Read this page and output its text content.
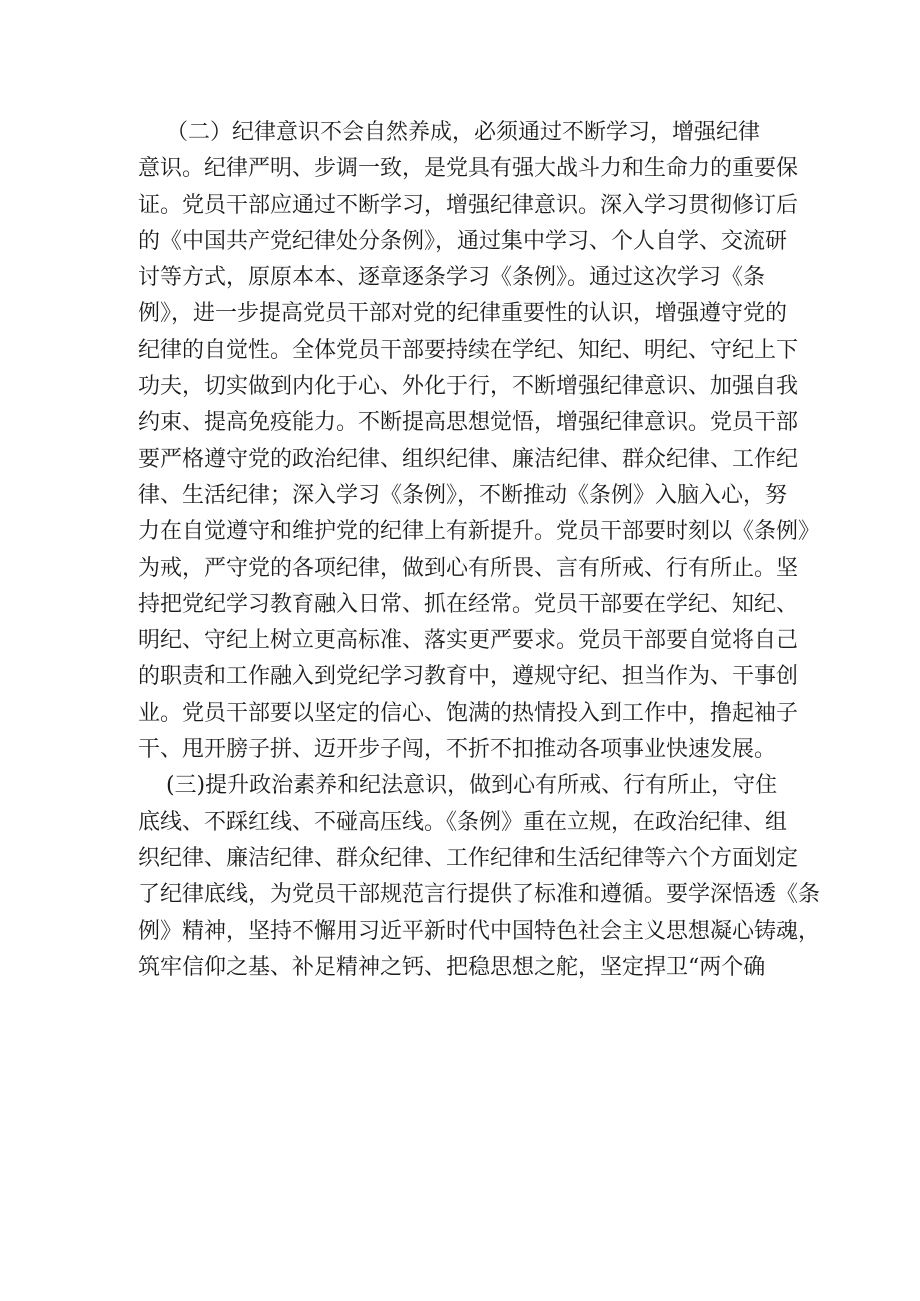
（二）纪律意识不会自然养成，必须通过不断学习，增强纪律
意识。纪律严明、步调一致，是党具有强大战斗力和生命力的重要保
证。党员干部应通过不断学习，增强纪律意识。深入学习贯彻修订后
的《中国共产党纪律处分条例》，通过集中学习、个人自学、交流研
讨等方式，原原本本、逐章逐条学习《条例》。通过这次学习《条
例》，进一步提高党员干部对党的纪律重要性的认识，增强遵守党的
纪律的自觉性。全体党员干部要持续在学纪、知纪、明纪、守纪上下
功夫，切实做到内化于心、外化于行，不断增强纪律意识、加强自我
约束、提高免疫能力。不断提高思想觉悟，增强纪律意识。党员干部
要严格遵守党的政治纪律、组织纪律、廉洁纪律、群众纪律、工作纪
律、生活纪律；深入学习《条例》，不断推动《条例》入脑入心，努
力在自觉遵守和维护党的纪律上有新提升。党员干部要时刻以《条例》
为戒，严守党的各项纪律，做到心有所畏、言有所戒、行有所止。坚
持把党纪学习教育融入日常、抓在经常。党员干部要在学纪、知纪、
明纪、守纪上树立更高标准、落实更严要求。党员干部要自觉将自己
的职责和工作融入到党纪学习教育中，遵规守纪、担当作为、干事创
业。党员干部要以坚定的信心、饱满的热情投入到工作中，撸起袖子
干、甩开膀子拼、迈开步子闯，不折不扣推动各项事业快速发展。
(三)提升政治素养和纪法意识，做到心有所戒、行有所止，守住
底线、不踩红线、不碰高压线。《条例》重在立规，在政治纪律、组
织纪律、廉洁纪律、群众纪律、工作纪律和生活纪律等六个方面划定
了纪律底线，为党员干部规范言行提供了标准和遵循。要学深悟透《条
例》精神，坚持不懈用习近平新时代中国特色社会主义思想凝心铸魂，
筑牢信仰之基、补足精神之钙、把稳思想之舵，坚定捍卫“两个确
